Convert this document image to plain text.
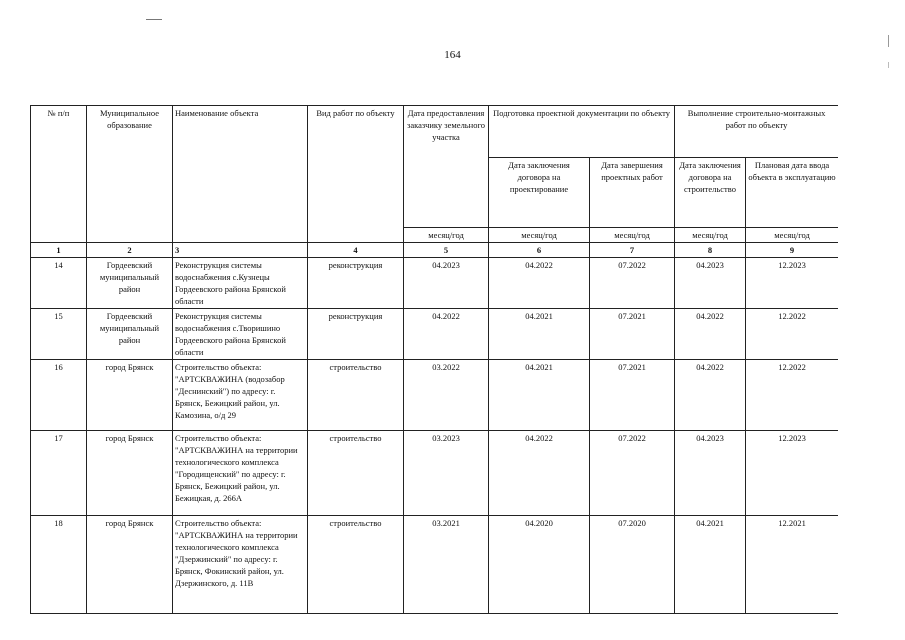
164
№ п/п	Муниципальное образование	Наименование объекта	Вид работ по объекту	Дата предоставления заказчику земельного участка	Подготовка проектной документации по объекту		Выполнение строительно-монтажных работ по объекту	
					Дата заключения договора на проектирование	Дата завершения проектных работ	Дата заключения договора на строительство	Плановая дата ввода объекта в эксплуатацию
				месяц/год	месяц/год	месяц/год	месяц/год	месяц/год
1	2	3	4	5	6	7	8	9
14	Гордеевский муниципальный район	Реконструкция системы водоснабжения с.Кузнецы Гордеевского района Брянской области	реконструкция	04.2023	04.2022	07.2022	04.2023	12.2023
15	Гордеевский муниципальный район	Реконструкция системы водоснабжения с.Творишино Гордеевского района Брянской области	реконструкция	04.2022	04.2021	07.2021	04.2022	12.2022
16	город Брянск	Строительство объекта: "АРТСКВАЖИНА (водозабор "Деснинский") по адресу: г. Брянск, Бежицкий район, ул. Камозина, о/д 29	строительство	03.2022	04.2021	07.2021	04.2022	12.2022
17	город Брянск	Строительство объекта: "АРТСКВАЖИНА на территории технологического комплекса "Городищенский" по адресу: г. Брянск, Бежицкий район, ул. Бежицкая, д. 266А	строительство	03.2023	04.2022	07.2022	04.2023	12.2023
18	город Брянск	Строительство объекта: "АРТСКВАЖИНА на территории технологического комплекса "Дзержинский" по адресу: г. Брянск, Фокинский район, ул. Дзержинского, д. 11В	строительство	03.2021	04.2020	07.2020	04.2021	12.2021
